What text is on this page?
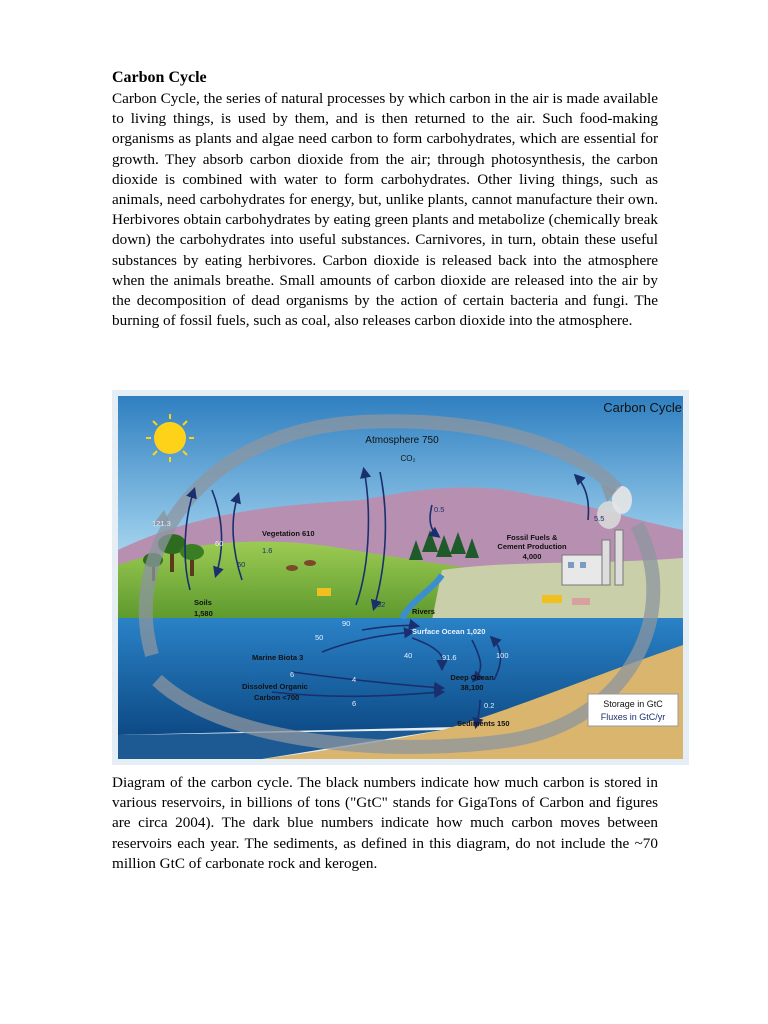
Carbon Cycle
Carbon Cycle, the series of natural processes by which carbon in the air is made available to living things, is used by them, and is then returned to the air. Such food-making organisms as plants and algae need carbon to form carbohydrates, which are essential for growth. They absorb carbon dioxide from the air; through photosynthesis, the carbon dioxide is combined with water to form carbohydrates. Other living things, such as animals, need carbohydrates for energy, but, unlike plants, cannot manufacture their own. Herbivores obtain carbohydrates by eating green plants and metabolize (chemically break down) the carbohydrates into useful substances. Carnivores, in turn, obtain these useful substances by eating herbivores. Carbon dioxide is released back into the atmosphere when the animals breathe. Small amounts of carbon dioxide are released into the air by the decomposition of dead organisms by the action of certain bacteria and fungi. The burning of fossil fuels, such as coal, also releases carbon dioxide into the atmosphere.
Carbon Cycle
Atmosphere 750
CO₂
Vegetation 610
Soils
1,580
Fossil Fuels &
Cement Production
4,000
Rivers
Surface Ocean 1,020
Marine Biota 3
Dissolved Organic
Carbon <700
Deep Ocean
38,100
Sediments 150
121.3
60
60
1.6
0.5
5.5
90
92
50
40	91.6	100
4
6
6	0.2	Storage in GtC
Fluxes in GtC/yr
Diagram of the carbon cycle. The black numbers indicate how much carbon is stored in various reservoirs, in billions of tons ("GtC" stands for GigaTons of Carbon and figures are circa 2004). The dark blue numbers indicate how much carbon moves between reservoirs each year. The sediments, as defined in this diagram, do not include the ~70 million GtC of carbonate rock and kerogen.
